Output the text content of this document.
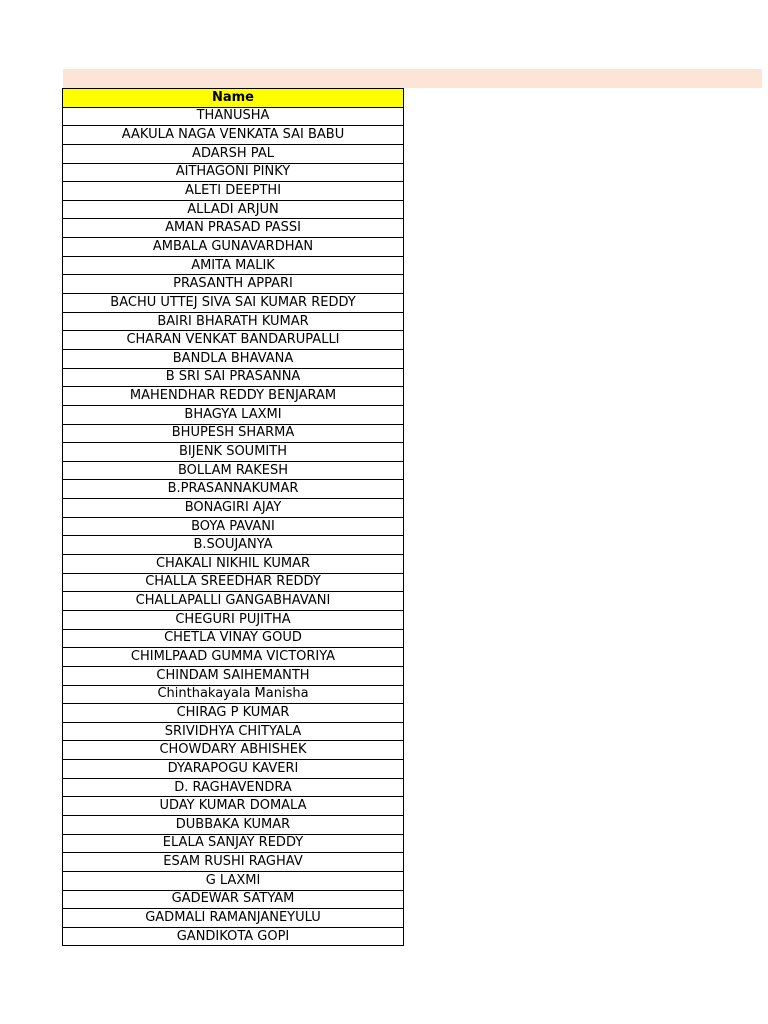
Name
THANUSHA
AAKULA NAGA VENKATA SAI BABU
ADARSH PAL
AITHAGONI PINKY
ALETI DEEPTHI
ALLADI ARJUN
AMAN PRASAD PASSI
AMBALA GUNAVARDHAN
AMITA MALIK
PRASANTH APPARI
BACHU UTTEJ SIVA SAI KUMAR REDDY
BAIRI BHARATH KUMAR
CHARAN VENKAT BANDARUPALLI
BANDLA BHAVANA
B SRI SAI PRASANNA
MAHENDHAR REDDY BENJARAM
BHAGYA LAXMI
BHUPESH SHARMA
BIJENK SOUMITH
BOLLAM RAKESH
B.PRASANNAKUMAR
BONAGIRI AJAY
BOYA PAVANI
B.SOUJANYA
CHAKALI NIKHIL KUMAR
CHALLA SREEDHAR REDDY
CHALLAPALLI GANGABHAVANI
CHEGURI PUJITHA
CHETLA VINAY GOUD
CHIMLPAAD GUMMA VICTORIYA
CHINDAM SAIHEMANTH
Chinthakayala Manisha
CHIRAG P KUMAR
SRIVIDHYA CHITYALA
CHOWDARY ABHISHEK
DYARAPOGU KAVERI
D. RAGHAVENDRA
UDAY KUMAR DOMALA
DUBBAKA KUMAR
ELALA SANJAY REDDY
ESAM RUSHI RAGHAV
G LAXMI
GADEWAR SATYAM
GADMALI RAMANJANEYULU
GANDIKOTA GOPI
